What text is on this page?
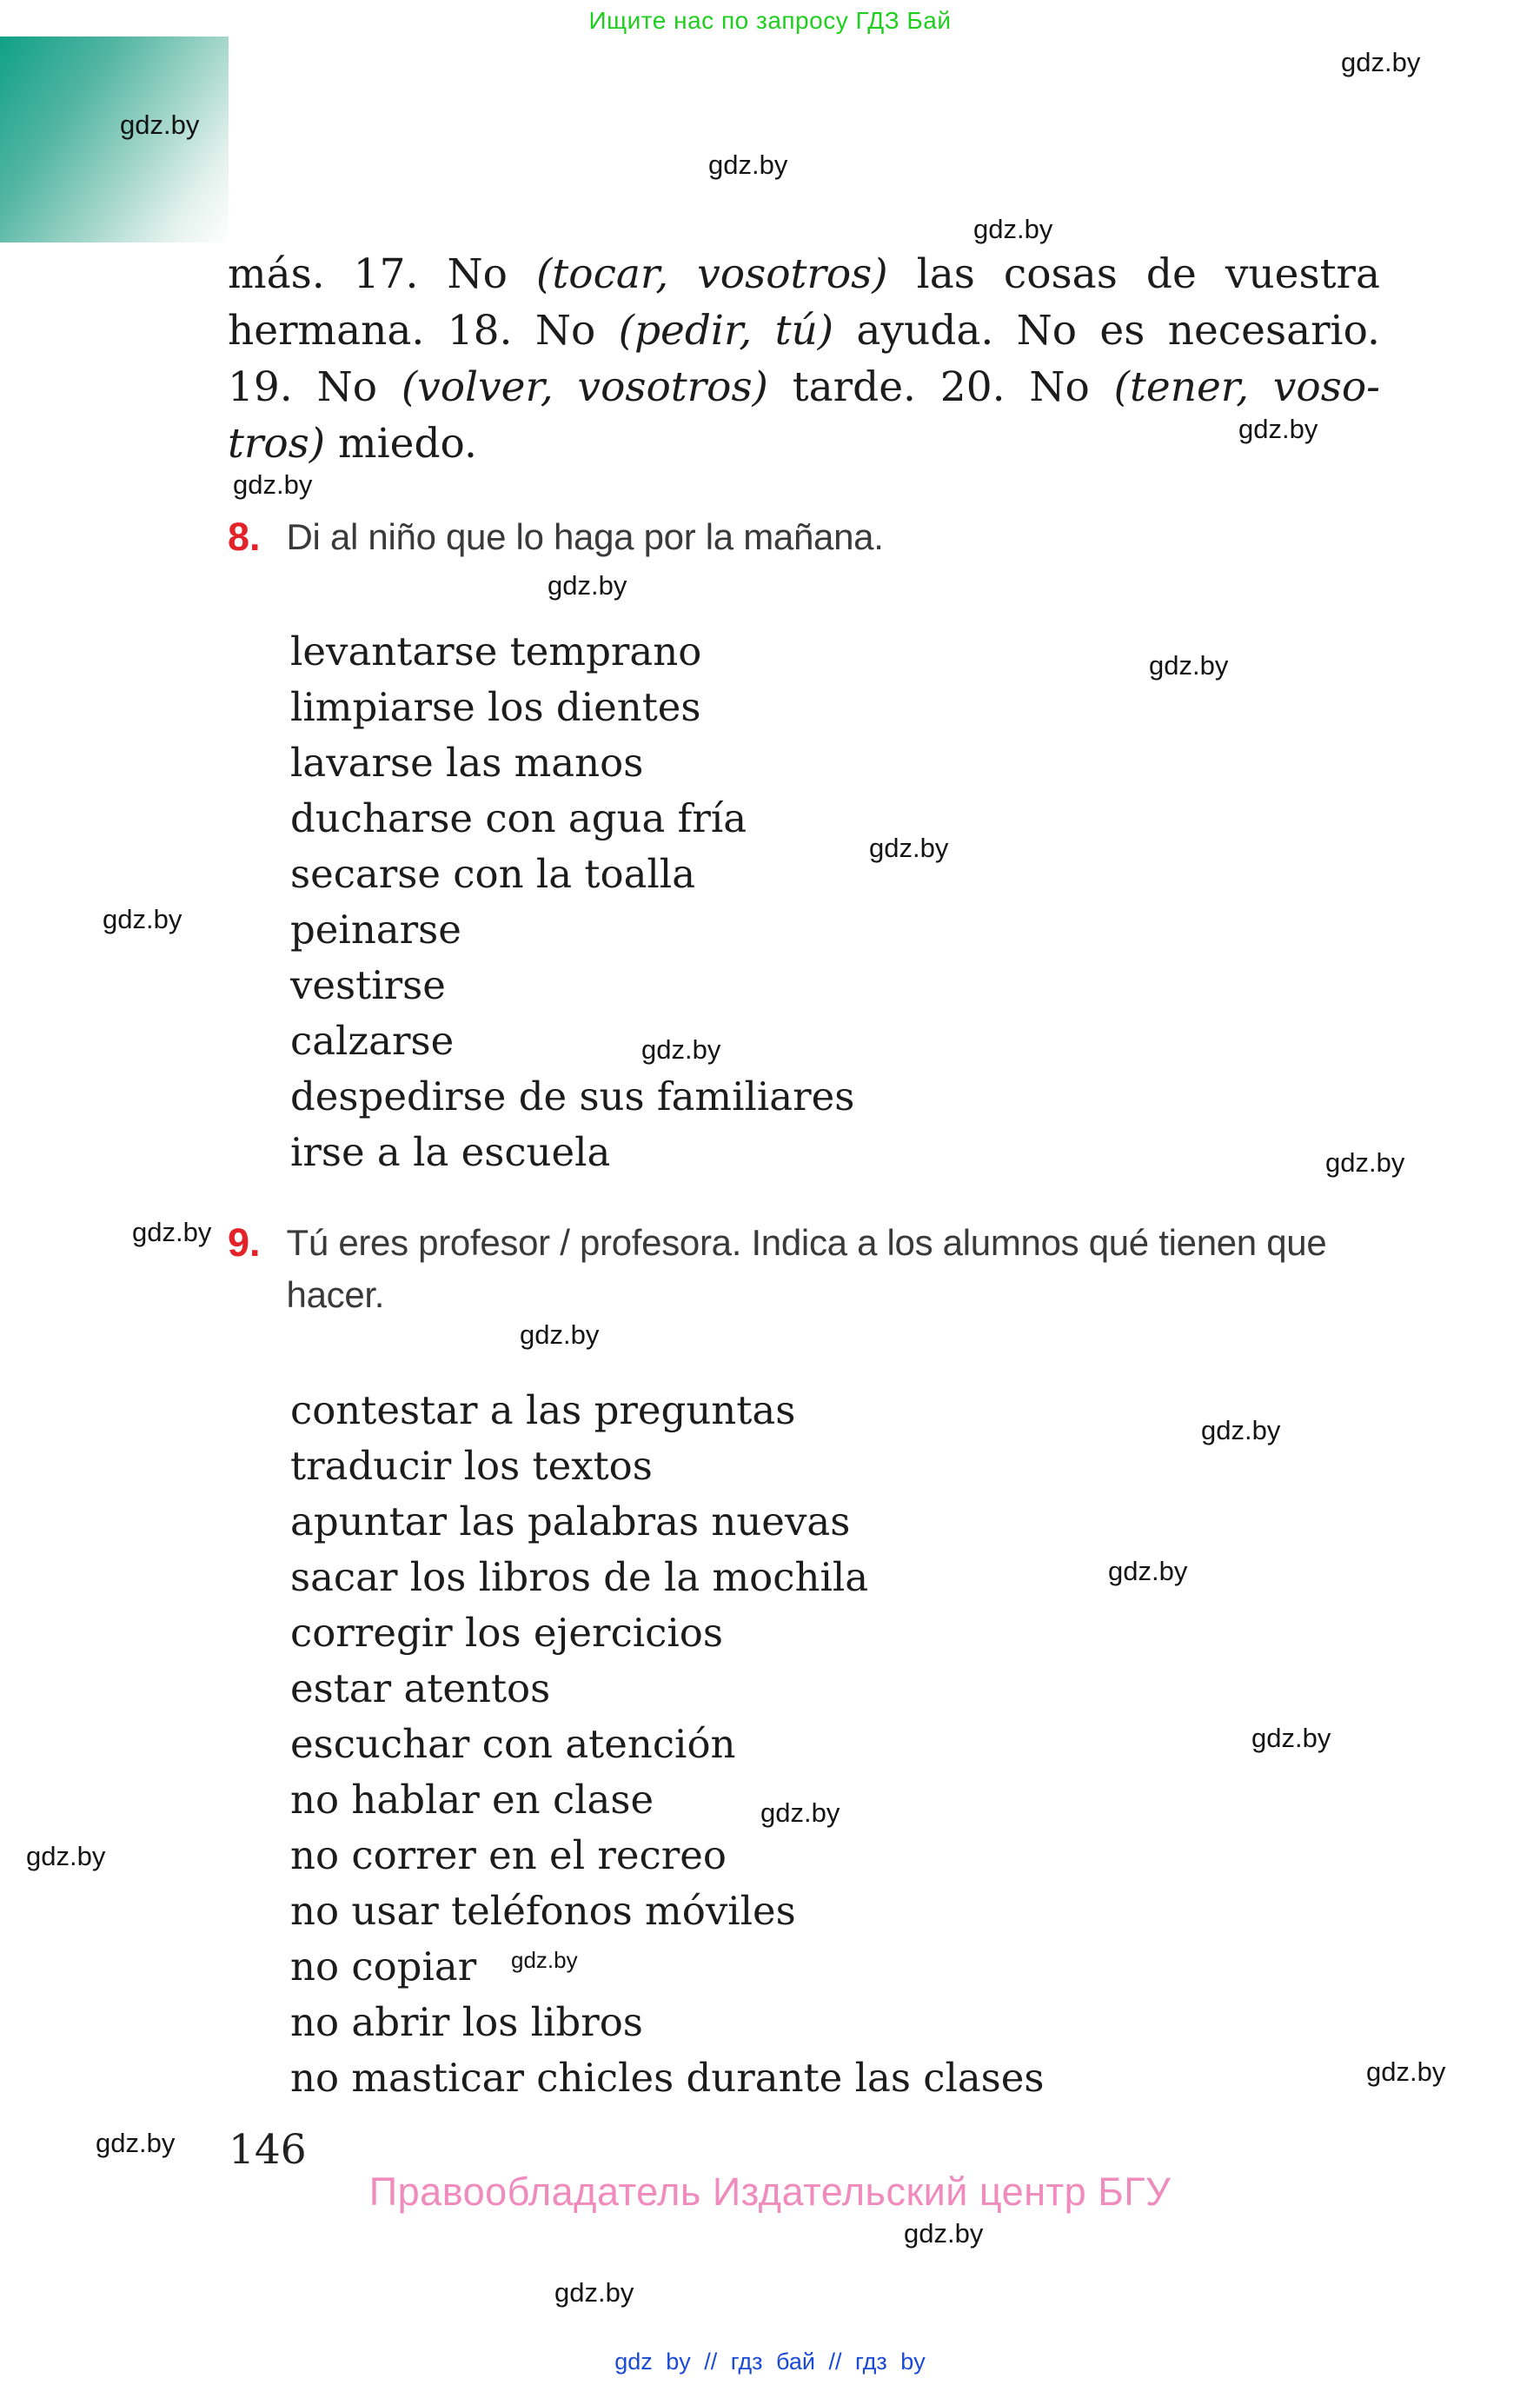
Ищите нас по запросу ГДЗ Бай
más. 17. No (tocar, vosotros) las cosas de vuestra
hermana. 18. No (pedir, tú) ayuda. No es necesario.
19. No (volver, vosotros) tarde. 20. No (tener, voso-
tros) miedo.
8. Di al niño que lo haga por la mañana.
levantarse temprano
limpiarse los dientes
lavarse las manos
ducharse con agua fría
secarse con la toalla
peinarse
vestirse
calzarse
despedirse de sus familiares
irse a la escuela
9. Tú eres profesor / profesora. Indica a los alumnos qué tienen que
hacer.
contestar a las preguntas
traducir los textos
apuntar las palabras nuevas
sacar los libros de la mochila
corregir los ejercicios
estar atentos
escuchar con atención
no hablar en clase
no correr en el recreo
no usar teléfonos móviles
no copiar
no abrir los libros
no masticar chicles durante las clases
146
Правообладатель Издательский центр БГУ
gdz by // гдз бай // гдз by
gdz.by
gdz.by
gdz.by
gdz.by
gdz.by
gdz.by
gdz.by
gdz.by
gdz.by
gdz.by
gdz.by
gdz.by
gdz.by
gdz.by
gdz.by
gdz.by
gdz.by
gdz.by
gdz.by
gdz.by
gdz.by
gdz.by
gdz.by
gdz.by
